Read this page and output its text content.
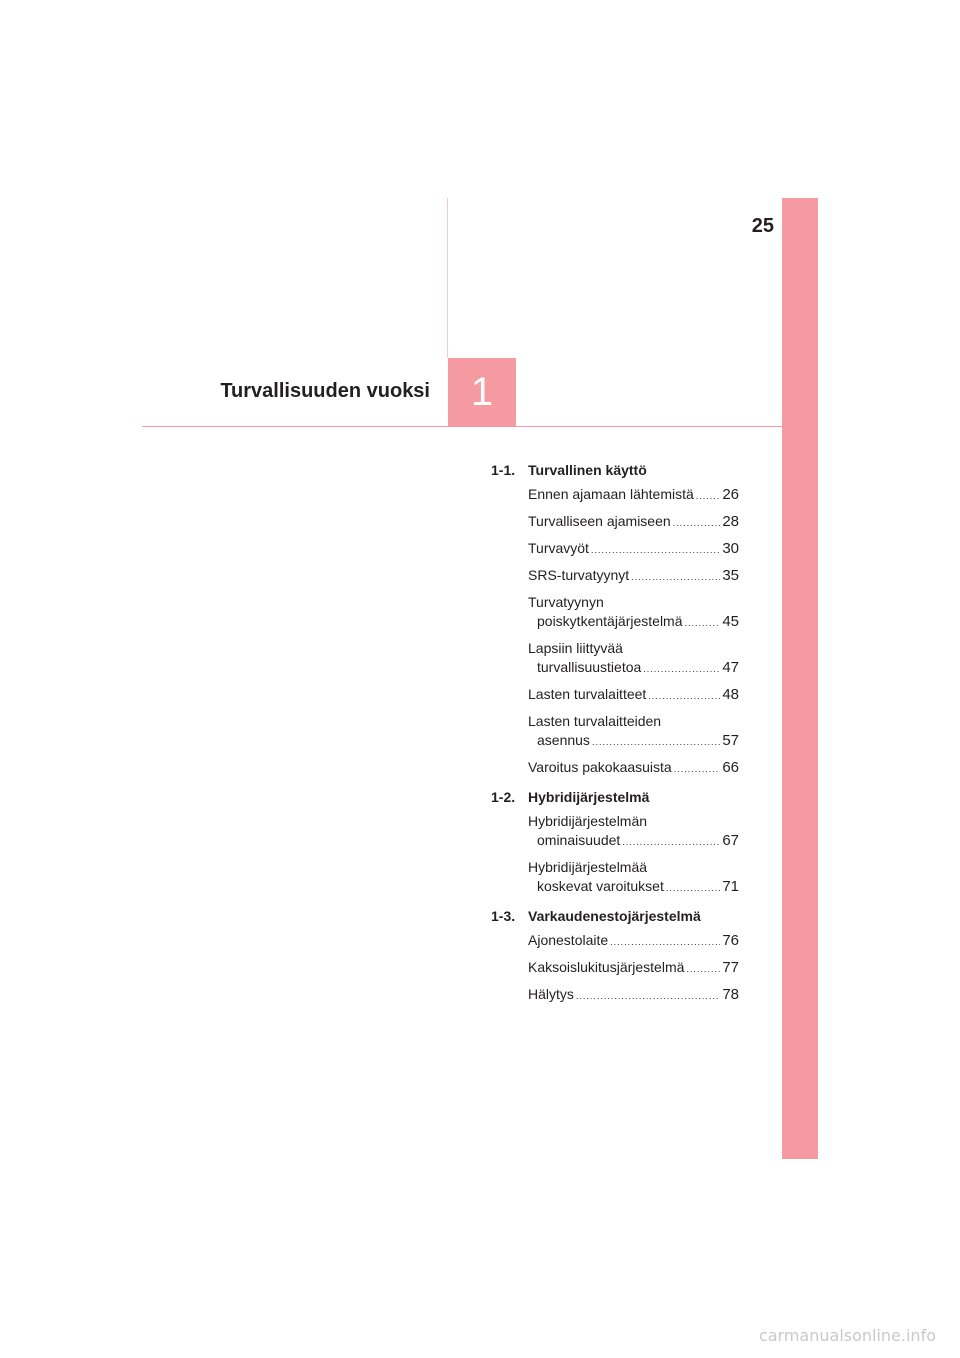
Turvallisuuden vuoksi	1
25
1-1. Turvallinen käyttö
Ennen ajamaan lähtemistä ..... 26
Turvalliseen ajamiseen .....	28
Turvavyöt .....	30
SRS-turvatyynyt .....	35
Turvatyynyn
poiskytkentäjärjestelmä .....	45
Lapsiin liittyvää
turvallisuustietoa .....	47
Lasten turvalaitteet .....	48
Lasten turvalaitteiden
asennus .....	57
Varoitus pakokaasuista .....	66
1-2. Hybridijärjestelmä
Hybridijärjestelmän
ominaisuudet .....	67
Hybridijärjestelmää
koskevat varoitukset .....	71
1-3. Varkaudenestojärjestelmä
Ajonestolaite .....	76
Kaksoislukitusjärjestelmä .....	77
Hälytys .....	78
carmanualsonline.info
